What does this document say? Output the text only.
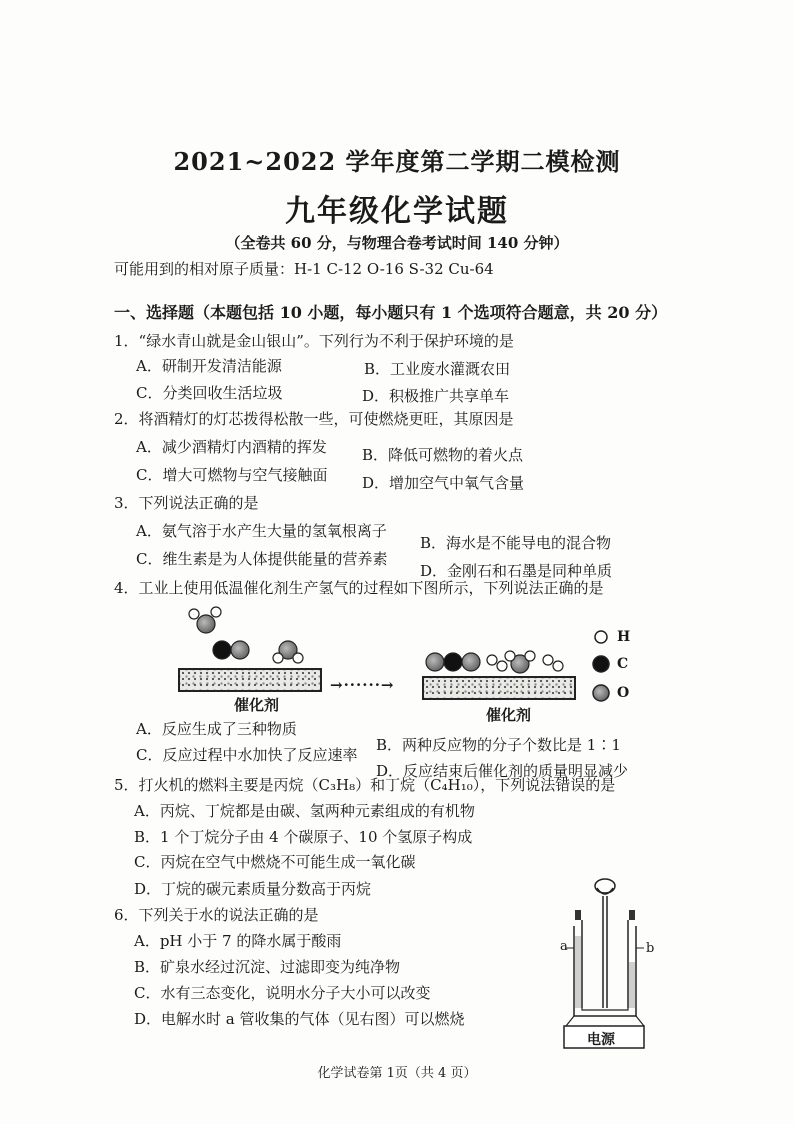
2021~2022 学年度第二学期二模检测
九年级化学试题
（全卷共 60 分，与物理合卷考试时间 140 分钟）
可能用到的相对原子质量：H-1 C-12 O-16 S-32 Cu-64
一、选择题（本题包括 10 小题，每小题只有 1 个选项符合题意，共 20 分）
1．“绿水青山就是金山银山”。下列行为不利于保护环境的是
A．研制开发清洁能源	B．工业废水灌溉农田
C．分类回收生活垃圾	D．积极推广共享单车
2．将酒精灯的灯芯拨得松散一些，可使燃烧更旺，其原因是
A．减少酒精灯内酒精的挥发 B．降低可燃物的着火点
C．增大可燃物与空气接触面 D．增加空气中氧气含量
3．下列说法正确的是
A．氨气溶于水产生大量的氢氧根离子
B．海水是不能导电的混合物
C．维生素是为人体提供能量的营养素
D．金刚石和石墨是同种单质
4．工业上使用低温催化剂生产氢气的过程如下图所示，下列说法正确的是
催化剂
→······→
催化剂
H
C
O
A．反应生成了三种物质
B．两种反应物的分子个数比是 1∶1
C．反应过程中水加快了反应速率
D．反应结束后催化剂的质量明显减少
5．打火机的燃料主要是丙烷（C₃H₈）和丁烷（C₄H₁₀），下列说法错误的是
A．丙烷、丁烷都是由碳、氢两种元素组成的有机物
B．1 个丁烷分子由 4 个碳原子、10 个氢原子构成
C．丙烷在空气中燃烧不可能生成一氧化碳
D．丁烷的碳元素质量分数高于丙烷
6．下列关于水的说法正确的是
A．pH 小于 7 的降水属于酸雨
B．矿泉水经过沉淀、过滤即变为纯净物
C．水有三态变化，说明水分子大小可以改变
D．电解水时 a 管收集的气体（见右图）可以燃烧
a	b
电源
化学试卷第 1页（共 4 页）
